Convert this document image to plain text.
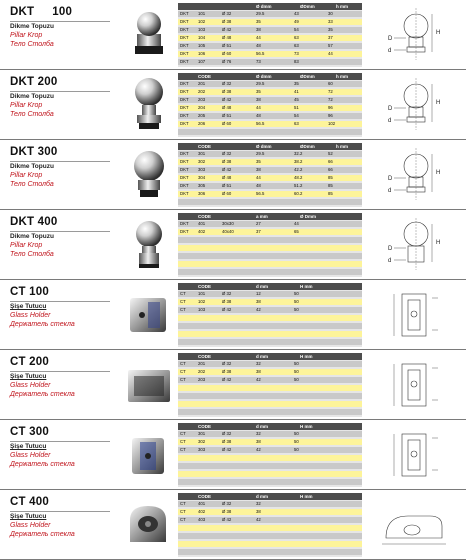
DKT 100
Dikme Topuzu
Pillar Krop
Тело Столба
Ø dmm	ØDmm	h mm
DKT 101	Ø 32	29.5	43	30
DKT 102	Ø 38	35	49	33
DKT 103	Ø 42	38	54	35
DKT 104	Ø 48	44	63	37
DKT 105	Ø 51	48	63	57
DKT 106	Ø 60	56.5	73	44
DKT 107	Ø 76	73	83
D
d
H
DKT 200
Dikme Topuzu
Pillar Krop
Тело Столба
CODE	Ø dmm	ØDmm	h mm
DKT 201	Ø 32	29.5	35	60
DKT 202	Ø 38	35	41	72
DKT 203	Ø 42	38	45	72
DKT 204	Ø 48	44	51	96
DKT 205	Ø 51	48	54	96
DKT 206	Ø 60	56.5	63	102
D
d
H
DKT 300
Dikme Topuzu
Pillar Krop
Тело Столба
CODE	Ø dmm	ØDmm	h mm
DKT 301	Ø 32	29.5	32.2	52
DKT 302	Ø 38	35	38.2	66
DKT 303	Ø 42	38	42.2	66
DKT 304	Ø 48	44	48.2	85
DKT 305	Ø 51	48	51.2	85
DKT 306	Ø 60	56.5	60.2	85
D
d
H
DKT 400
Dikme Topuzu
Pillar Krop
Тело Столба
CODE	a mm	Ø Dmm
DKT 401	30x30	27	44
DKT 402	40x40	37	65
D
d
H
CT 100
Şişe Tutucu
Glass Holder
Держатель стекла
CODE	d mm	H mm
CT	101	Ø 32	12	50
CT	102	Ø 38	38	50
CT	103	Ø 42	42	50
CT 200
Şişe Tutucu
Glass Holder
Держатель стекла
CODE	d mm	H mm
CT	201	Ø 32	32	50
CT	202	Ø 38	38	50
CT	203	Ø 42	42	50
CT 300
Şişe Tutucu
Glass Holder
Держатель стекла
CODE	d mm	H mm
CT	301	Ø 32	32	50
CT	302	Ø 38	38	50
CT	303	Ø 42	42	50
CT 400
Şişe Tutucu
Glass Holder
Держатель стекла
CODE	d mm	H mm
CT	401	Ø 32	32
CT	402	Ø 38	38
CT	403	Ø 42	42
